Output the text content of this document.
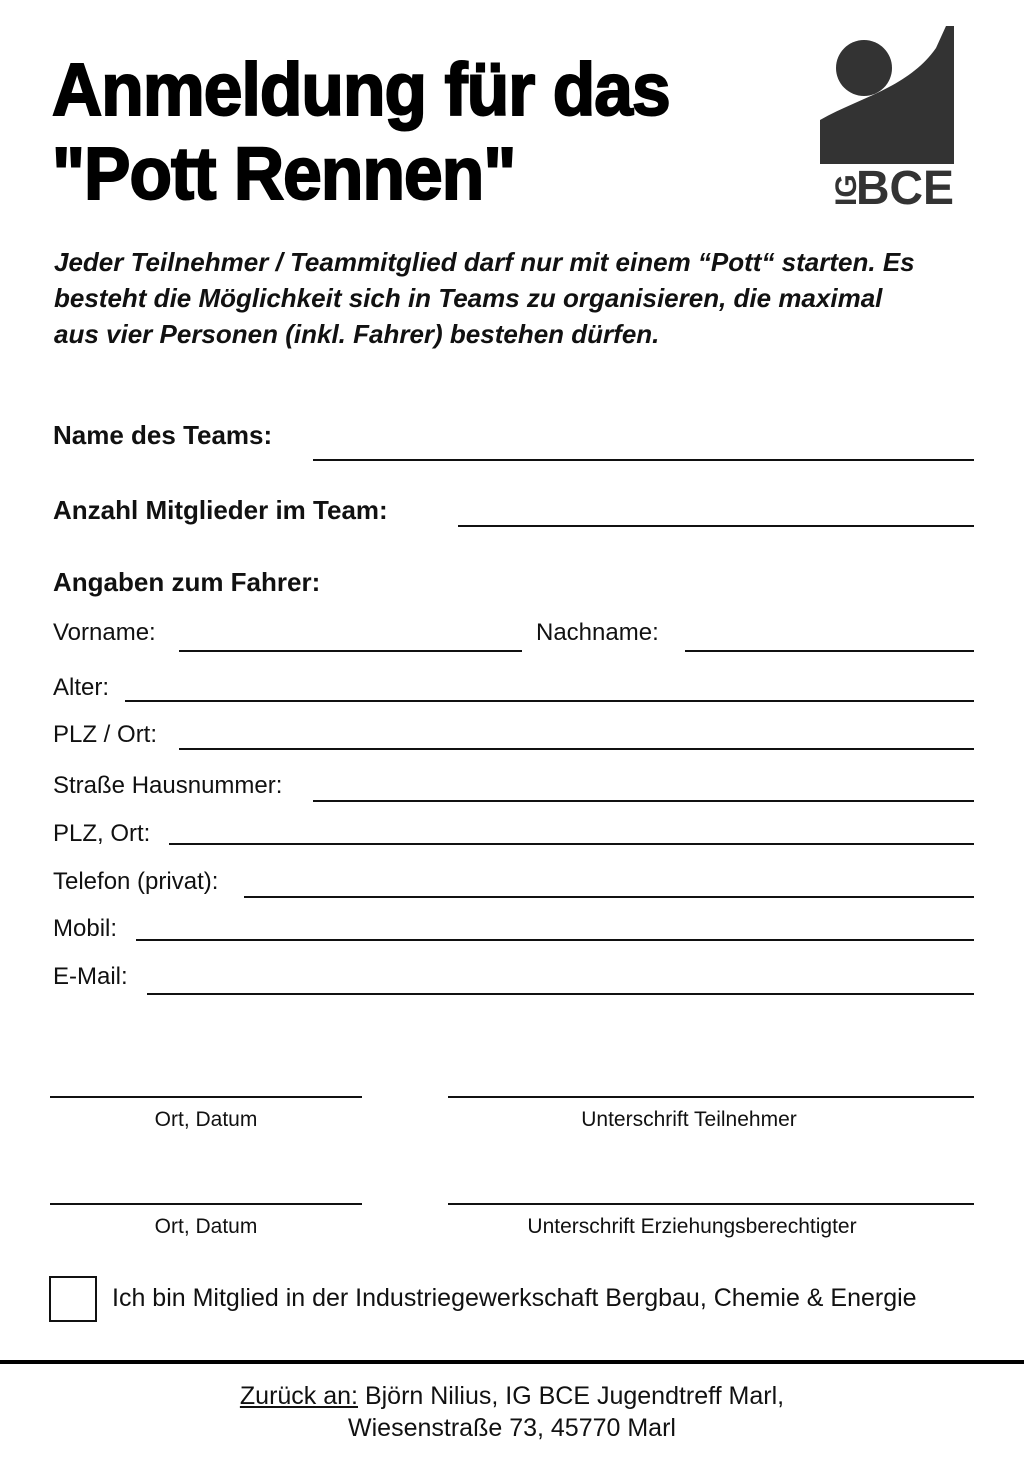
Anmeldung für das
"Pott Rennen"	IG
BCE
Jeder Teilnehmer / Teammitglied darf nur mit einem “Pott“ starten. Es besteht die Möglichkeit sich in Teams zu organisieren, die maximal aus vier Personen (inkl. Fahrer) bestehen dürfen.
Name des Teams:
Anzahl Mitglieder im Team:
Angaben zum Fahrer:
Vorname:	Nachname:
Alter:
PLZ / Ort:
Straße Hausnummer:
PLZ, Ort:
Telefon (privat):
Mobil:
E-Mail:
Ort, Datum	Unterschrift Teilnehmer
Ort, Datum	Unterschrift Erziehungsberechtigter
Ich bin Mitglied in der Industriegewerkschaft Bergbau, Chemie & Energie
Zurück an: Björn Nilius, IG BCE Jugendtreff Marl,
Wiesenstraße 73, 45770 Marl
